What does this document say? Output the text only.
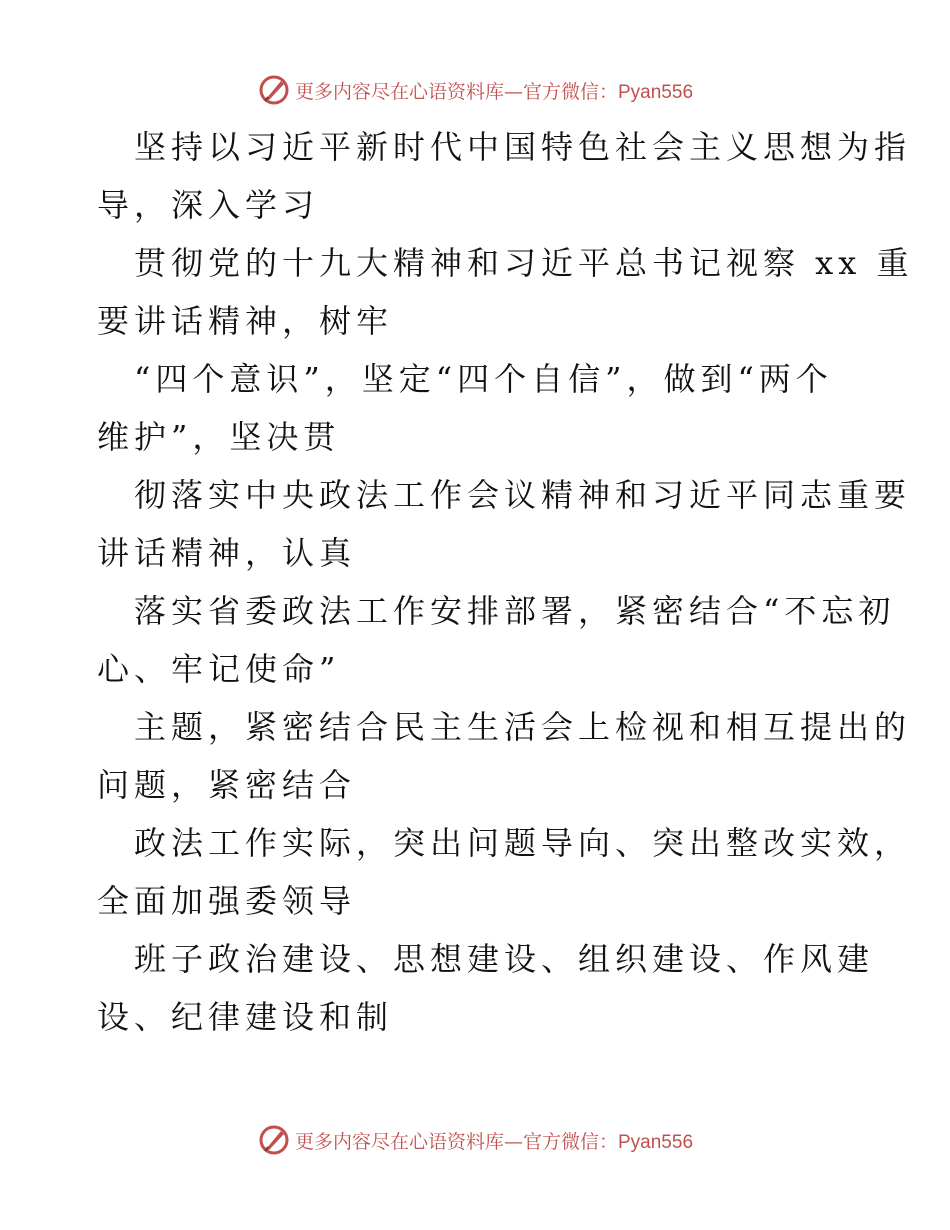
更多内容尽在心语资料库—官方微信：Pyan556

　坚持以习近平新时代中国特色社会主义思想为指

导，深入学习

　贯彻党的十九大精神和习近平总书记视察 xx 重

要讲话精神，树牢

　“四个意识”，坚定“四个自信”，做到“两个

维护”，坚决贯

　彻落实中央政法工作会议精神和习近平同志重要

讲话精神，认真

　落实省委政法工作安排部署，紧密结合“不忘初

心、牢记使命”

　主题，紧密结合民主生活会上检视和相互提出的

问题，紧密结合

　政法工作实际，突出问题导向、突出整改实效，

全面加强委领导

　班子政治建设、思想建设、组织建设、作风建

设、纪律建设和制

更多内容尽在心语资料库—官方微信：Pyan556
